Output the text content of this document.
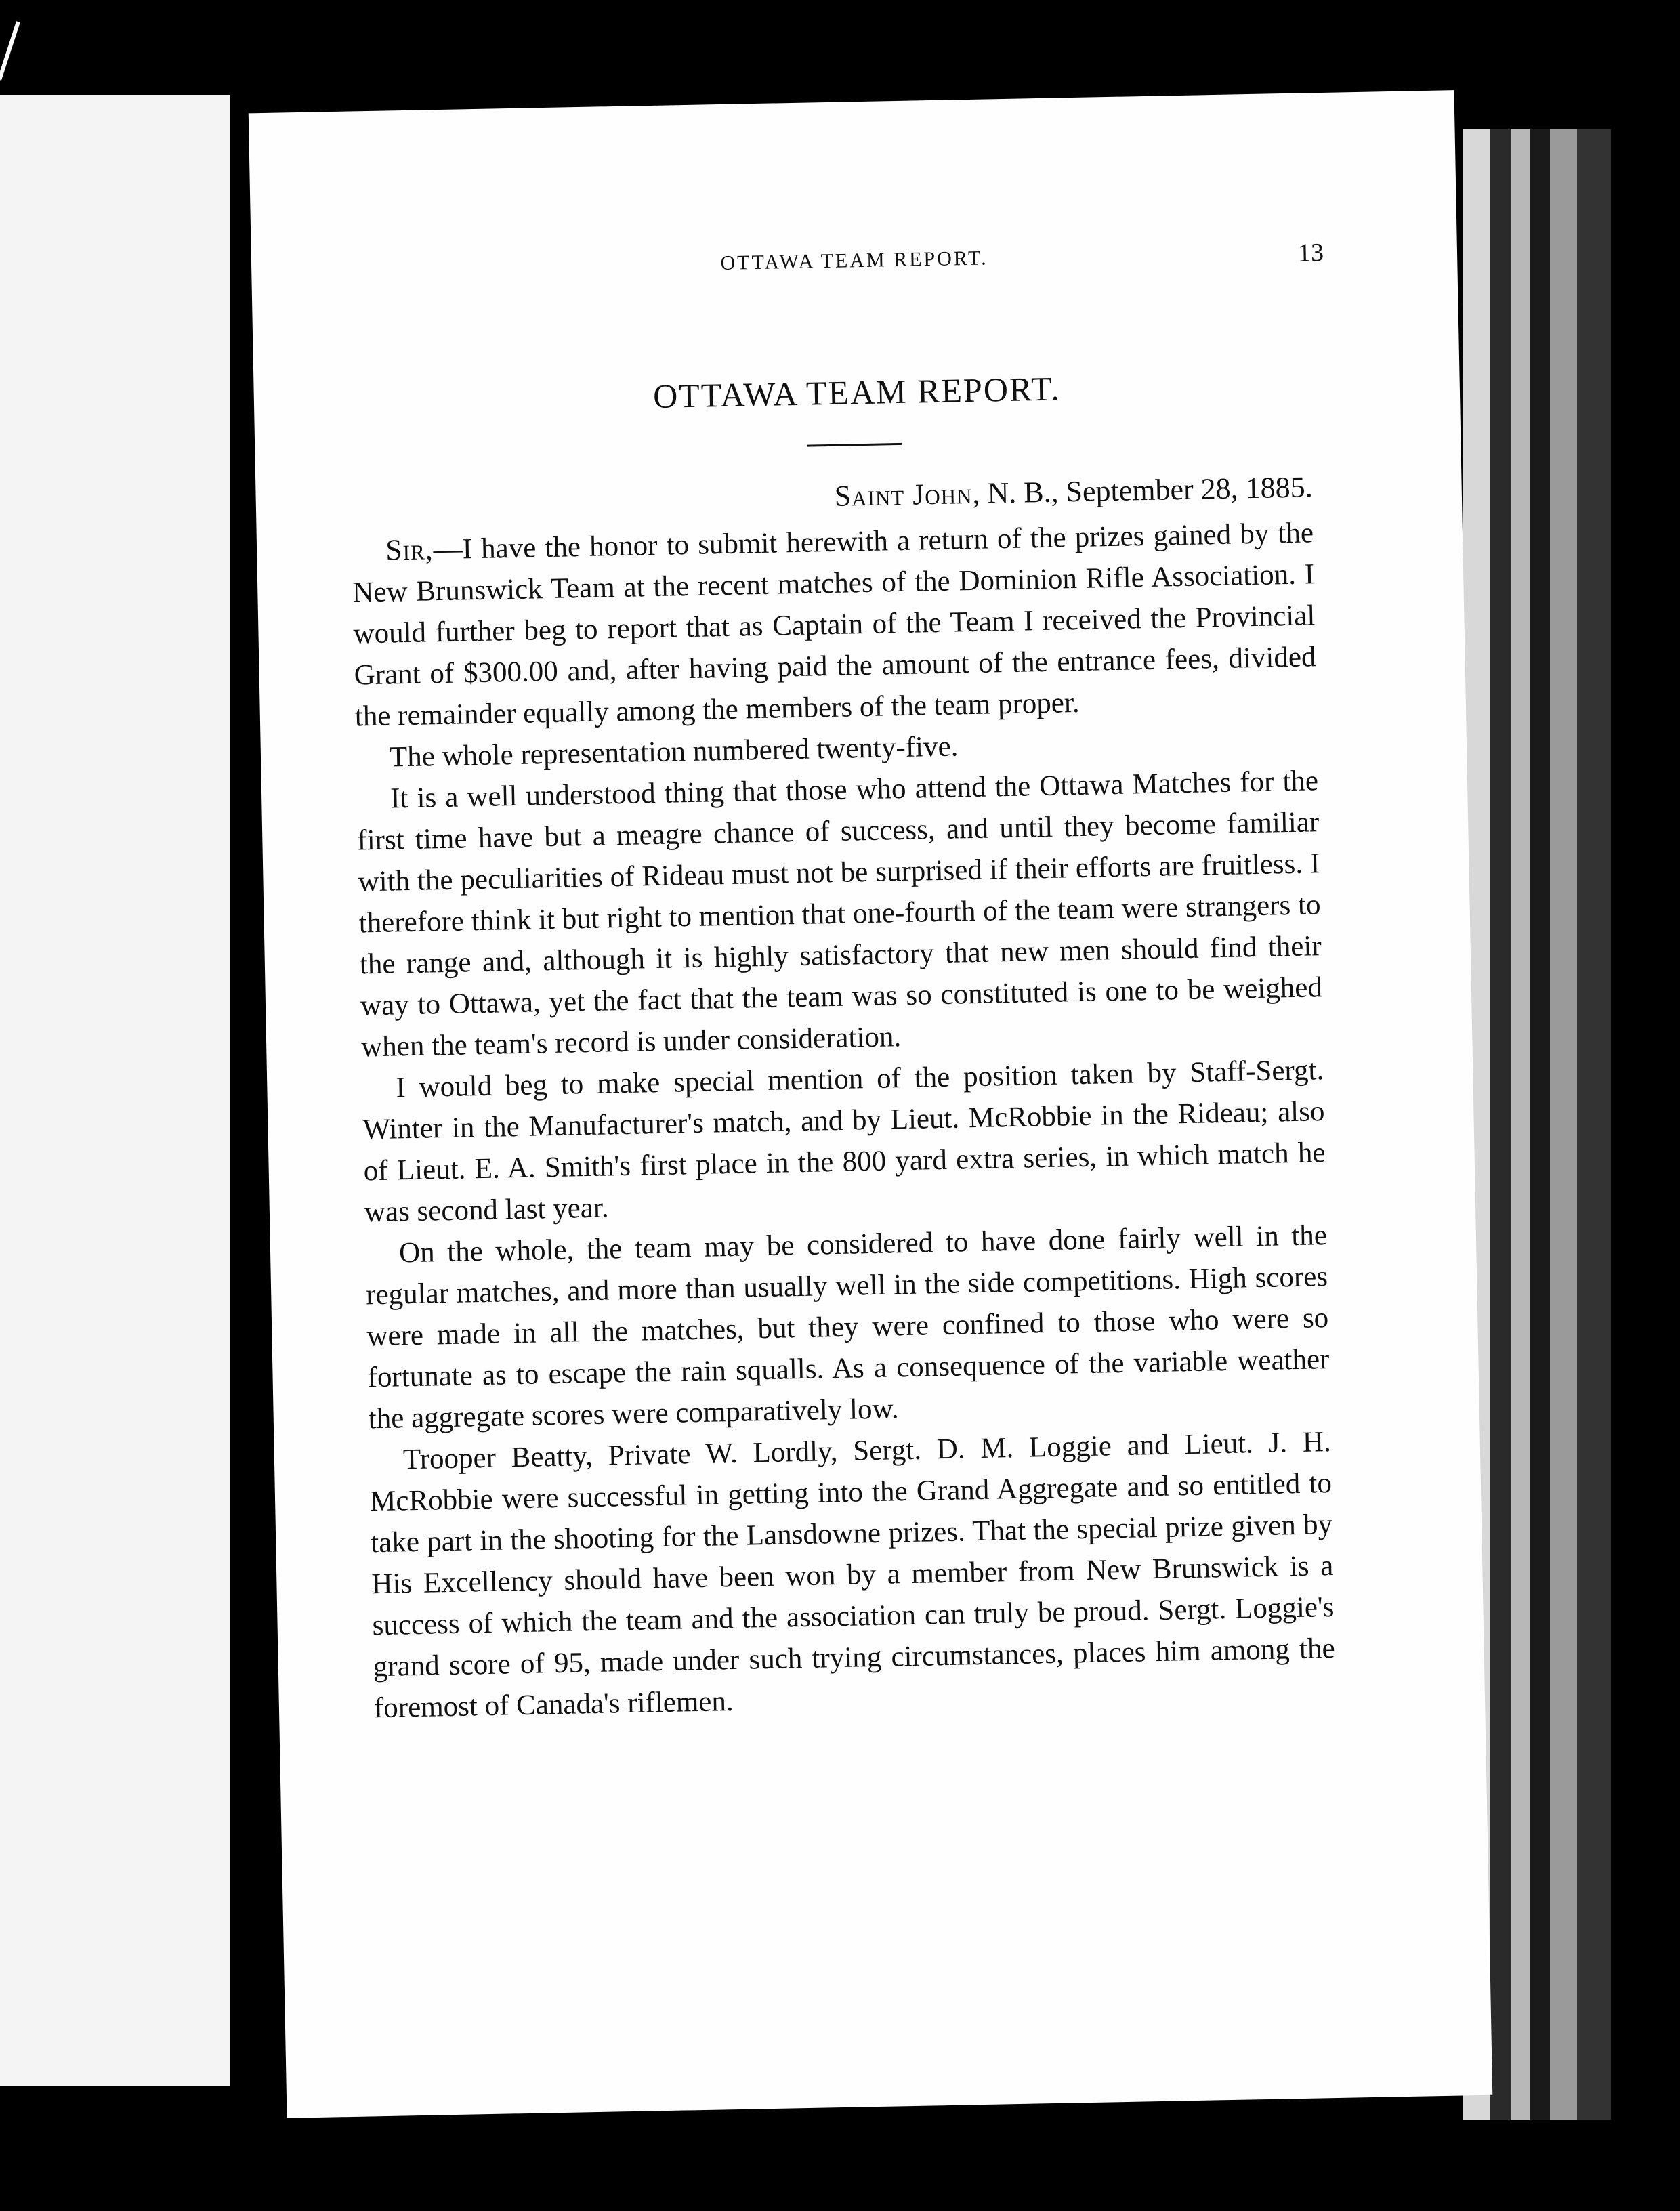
OTTAWA TEAM REPORT.	13
OTTAWA TEAM REPORT.
Saint John, N. B., September 28, 1885.

Sir,—I have the honor to submit herewith a return of the prizes gained by the New Brunswick Team at the recent matches of the Dominion Rifle Association. I would further beg to report that as Captain of the Team I received the Provincial Grant of $300.00 and, after having paid the amount of the entrance fees, divided the remainder equally among the members of the team proper.

The whole representation numbered twenty-five.

It is a well understood thing that those who attend the Ottawa Matches for the first time have but a meagre chance of success, and until they become familiar with the peculiarities of Rideau must not be surprised if their efforts are fruitless. I therefore think it but right to mention that one-fourth of the team were strangers to the range and, although it is highly satisfactory that new men should find their way to Ottawa, yet the fact that the team was so constituted is one to be weighed when the team's record is under consideration.

I would beg to make special mention of the position taken by Staff-Sergt. Winter in the Manufacturer's match, and by Lieut. McRobbie in the Rideau; also of Lieut. E. A. Smith's first place in the 800 yard extra series, in which match he was second last year.

On the whole, the team may be considered to have done fairly well in the regular matches, and more than usually well in the side competitions. High scores were made in all the matches, but they were confined to those who were so fortunate as to escape the rain squalls. As a consequence of the variable weather the aggregate scores were comparatively low.

Trooper Beatty, Private W. Lordly, Sergt. D. M. Loggie and Lieut. J. H. McRobbie were successful in getting into the Grand Aggregate and so entitled to take part in the shooting for the Lansdowne prizes. That the special prize given by His Excellency should have been won by a member from New Brunswick is a success of which the team and the association can truly be proud. Sergt. Loggie's grand score of 95, made under such trying circumstances, places him among the foremost of Canada's riflemen.
